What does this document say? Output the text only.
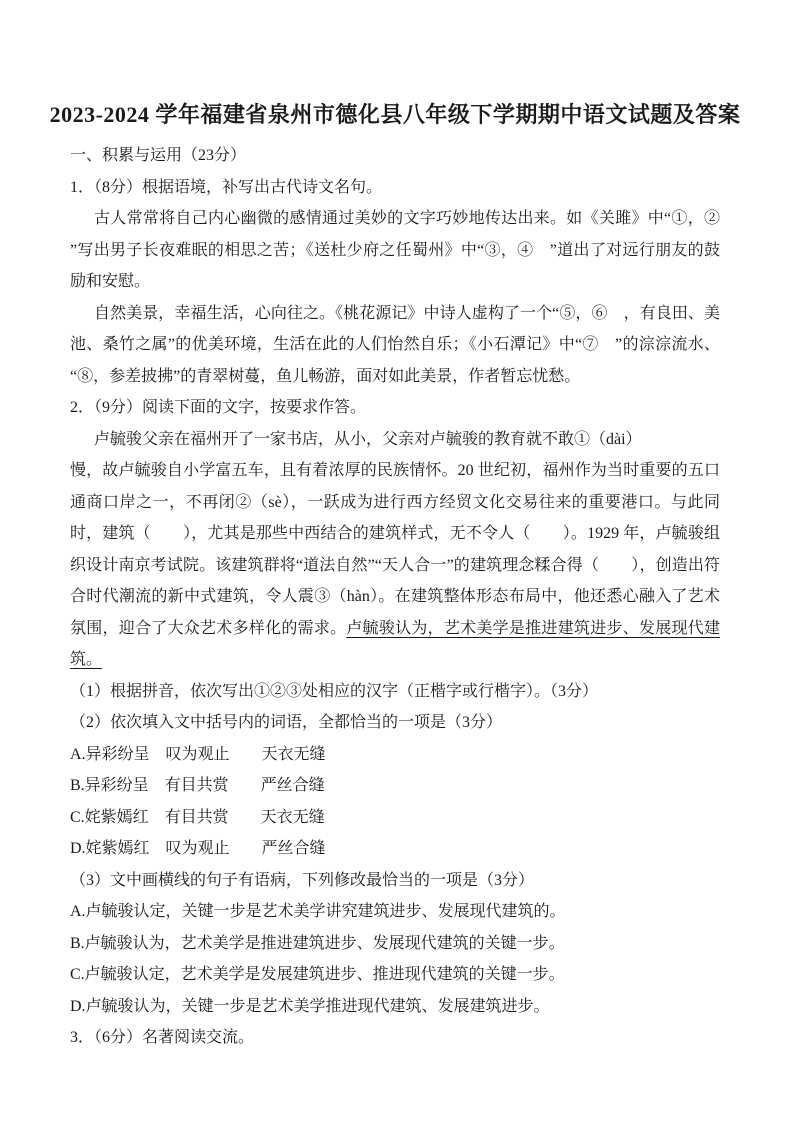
2023-2024 学年福建省泉州市德化县八年级下学期期中语文试题及答案

一、积累与运用（23分）

1．（8分）根据语境，补写出古代诗文名句。

古人常常将自己内心幽微的感情通过美妙的文字巧妙地传达出来。如《关雎》中“①，②　”写出男子长夜难眠的相思之苦；《送杜少府之任蜀州》中“③，④　”道出了对远行朋友的鼓励和安慰。

自然美景，幸福生活，心向往之。《桃花源记》中诗人虚构了一个“⑤，⑥　，有良田、美池、桑竹之属”的优美环境，生活在此的人们怡然自乐；《小石潭记》中“⑦　”的淙淙流水、“⑧，参差披拂”的青翠树蔓，鱼儿畅游，面对如此美景，作者暂忘忧愁。

2．（9分）阅读下面的文字，按要求作答。

卢毓骏父亲在福州开了一家书店，从小，父亲对卢毓骏的教育就不敢①（dài）
慢，故卢毓骏自小学富五车，且有着浓厚的民族情怀。20 世纪初，福州作为当时重要的五口通商口岸之一，不再闭②（sè），一跃成为进行西方经贸文化交易往来的重要港口。与此同时，建筑（　　），尤其是那些中西结合的建筑样式，无不令人（　　）。1929 年，卢毓骏组织设计南京考试院。该建筑群将“道法自然”“天人合一”的建筑理念糅合得（　　），创造出符合时代潮流的新中式建筑，令人震③（hàn）。在建筑整体形态布局中，他还悉心融入了艺术氛围，迎合了大众艺术多样化的需求。卢毓骏认为，艺术美学是推进建筑进步、发展现代建筑。

（1）根据拼音，依次写出①②③处相应的汉字（正楷字或行楷字）。（3分）

（2）依次填入文中括号内的词语，全都恰当的一项是（3分）

A.异彩纷呈　叹为观止　　天衣无缝

B.异彩纷呈　有目共赏　　严丝合缝

C.姹紫嫣红　有目共赏　　天衣无缝

D.姹紫嫣红　叹为观止　　严丝合缝

（3）文中画横线的句子有语病，下列修改最恰当的一项是（3分）

A.卢毓骏认定，关键一步是艺术美学讲究建筑进步、发展现代建筑的。

B.卢毓骏认为，艺术美学是推进建筑进步、发展现代建筑的关键一步。

C.卢毓骏认定，艺术美学是发展建筑进步、推进现代建筑的关键一步。

D.卢毓骏认为，关键一步是艺术美学推进现代建筑、发展建筑进步。

3．（6分）名著阅读交流。
